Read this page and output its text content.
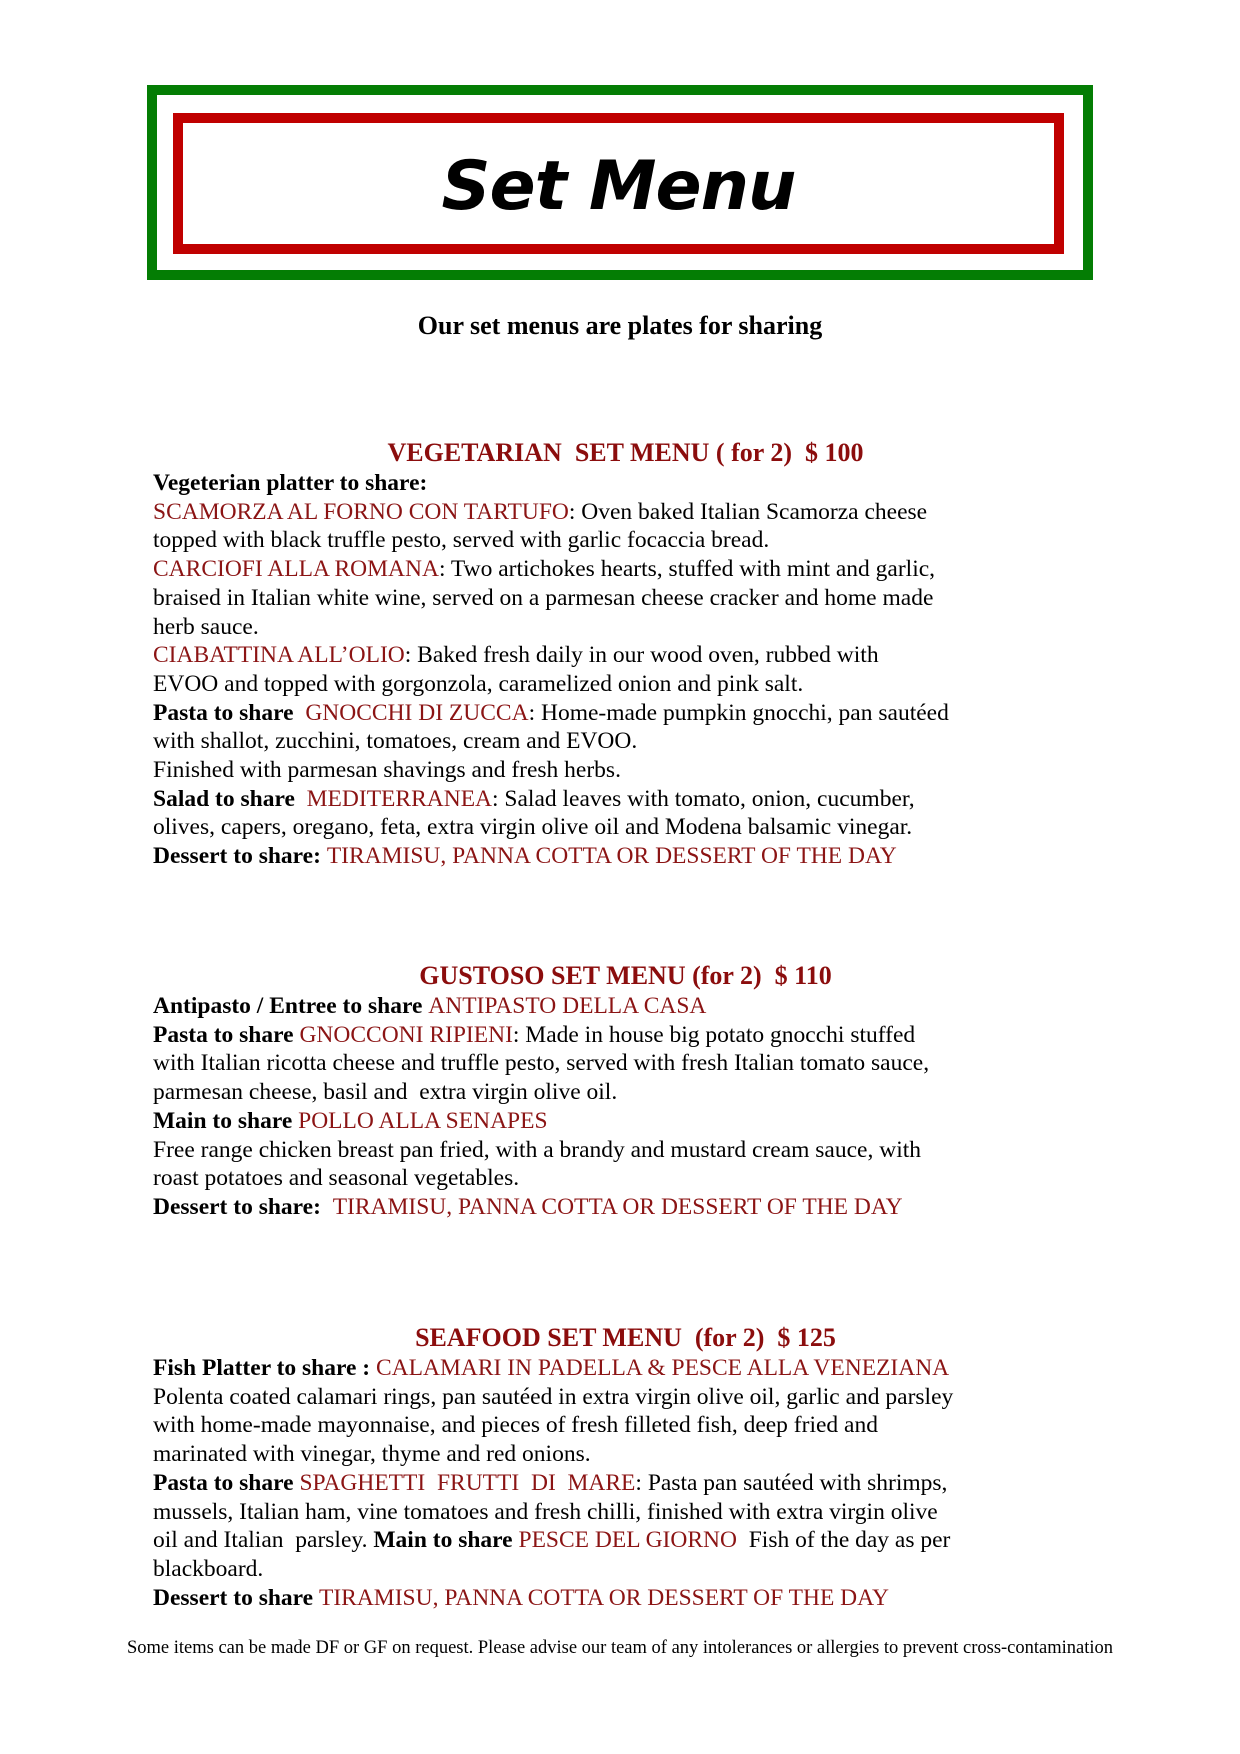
Set Menu
Our set menus are plates for sharing
VEGETARIAN  SET MENU ( for 2)  $ 100
Vegeterian platter to share:
SCAMORZA AL FORNO CON TARTUFO: Oven baked Italian Scamorza cheese
topped with black truffle pesto, served with garlic focaccia bread.
CARCIOFI ALLA ROMANA: Two artichokes hearts, stuffed with mint and garlic,
braised in Italian white wine, served on a parmesan cheese cracker and home made
herb sauce.
CIABATTINA ALL’OLIO: Baked fresh daily in our wood oven, rubbed with
EVOO and topped with gorgonzola, caramelized onion and pink salt.
Pasta to share  GNOCCHI DI ZUCCA: Home-made pumpkin gnocchi, pan sautéed
with shallot, zucchini, tomatoes, cream and EVOO.
Finished with parmesan shavings and fresh herbs.
Salad to share  MEDITERRANEA: Salad leaves with tomato, onion, cucumber,
olives, capers, oregano, feta, extra virgin olive oil and Modena balsamic vinegar.
Dessert to share: TIRAMISU, PANNA COTTA OR DESSERT OF THE DAY
GUSTOSO SET MENU (for 2)  $ 110
Antipasto / Entree to share ANTIPASTO DELLA CASA
Pasta to share GNOCCONI RIPIENI: Made in house big potato gnocchi stuffed
with Italian ricotta cheese and truffle pesto, served with fresh Italian tomato sauce,
parmesan cheese, basil and  extra virgin olive oil.
Main to share POLLO ALLA SENAPES
Free range chicken breast pan fried, with a brandy and mustard cream sauce, with
roast potatoes and seasonal vegetables.
Dessert to share:  TIRAMISU, PANNA COTTA OR DESSERT OF THE DAY
SEAFOOD SET MENU  (for 2)  $ 125
Fish Platter to share : CALAMARI IN PADELLA & PESCE ALLA VENEZIANA
Polenta coated calamari rings, pan sautéed in extra virgin olive oil, garlic and parsley
with home-made mayonnaise, and pieces of fresh filleted fish, deep fried and
marinated with vinegar, thyme and red onions.
Pasta to share SPAGHETTI  FRUTTI  DI  MARE: Pasta pan sautéed with shrimps,
mussels, Italian ham, vine tomatoes and fresh chilli, finished with extra virgin olive
oil and Italian  parsley. Main to share PESCE DEL GIORNO  Fish of the day as per
blackboard.
Dessert to share TIRAMISU, PANNA COTTA OR DESSERT OF THE DAY
Some items can be made DF or GF on request. Please advise our team of any intolerances or allergies to prevent cross-contamination
